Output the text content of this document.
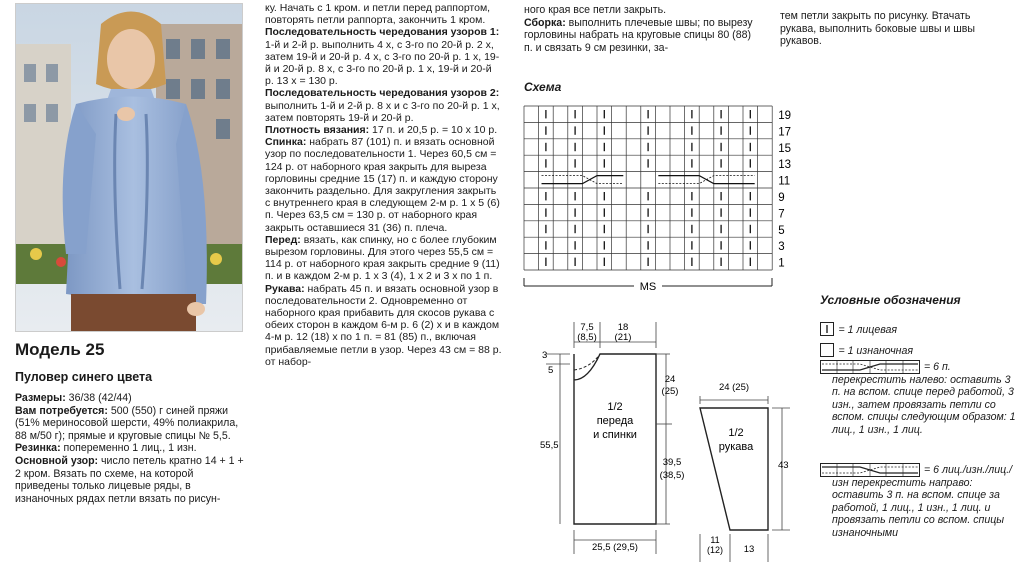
Модель 25
Пуловер синего цвета

Размеры: 36/38 (42/44)

Вам потребуется: 500 (550) г синей пряжи (51% мериносовой шерсти, 49% полиакрила, 88 м/50 г); прямые и круговые спицы № 5,5.

Резинка: попеременно 1 лиц., 1 изн.

Основной узор: число петель кратно 14 + 1 + 2 кром. Вязать по схеме, на которой приведены только лицевые ряды, в изнаночных рядах петли вязать по рисун-

ку. Начать с 1 кром. и петли перед раппортом, повторять петли раппорта, закончить 1 кром.

Последовательность чередования узоров 1: 1-й и 2-й р. выполнить 4 х, с 3-го по 20-й р. 2 х, затем 19-й и 20-й р. 4 х, с 3-го по 20-й р. 1 х, 19-й и 20-й р. 8 х, с 3-го по 20-й р. 1 х, 19-й и 20-й р. 13 х = 130 р.

Последовательность чередования узоров 2: выполнить 1-й и 2-й р. 8 х и с 3-го по 20-й р. 1 х, затем повторять 19-й и 20-й р.

Плотность вязания: 17 п. и 20,5 р. = 10 х 10 р.

Спинка: набрать 87 (101) п. и вязать основной узор по последовательности 1. Через 60,5 см = 124 р. от наборного края закрыть для выреза горловины средние 15 (17) п. и каждую сторону закончить раздельно. Для закругления закрыть с внутреннего края в следующем 2-м р. 1 х 5 (6) п. Через 63,5 см = 130 р. от наборного края закрыть оставшиеся 31 (36) п. плеча.

Перед: вязать, как спинку, но с более глубоким вырезом горловины. Для этого через 55,5 см = 114 р. от наборного края закрыть средние 9 (11) п. и в каждом 2-м р. 1 х 3 (4), 1 х 2 и 3 х по 1 п.

Рукава: набрать 45 п. и вязать основной узор в последовательности 2. Одновременно от наборного края прибавить для скосов рукава с обеих сторон в каждом 6-м р. 6 (2) х и в каждом 4-м р. 12 (18) х по 1 п. = 81 (85) п., включая прибавляемые петли в узор. Через 43 см = 88 р. от набор-

ного края все петли закрыть.

Сборка: выполнить плечевые швы; по вырезу горловины набрать на круговые спицы 80 (88) п. и связать 9 см резинки, за-

тем петли закрыть по рисунку. Втачать рукава, выполнить боковые швы и швы рукавов.

Схема
19
17
15
13
11
9
7
5
3
1
MS
7,5
(8,5)
18
(21)
3
5
55,5
24
(25)
39,5
(38,5)
1/2
переда
и спинки
25,5 (29,5)
24 (25)
43
1/2
рукава
11
(12) 13
Условные обозначения
= 1 лицевая
= 1 изнаночная
= 6 п. перекрестить налево: оставить 3 п. на вспом. спице перед работой, 3 изн., затем провязать петли со вспом. спицы следующим образом: 1 лиц., 1 изн., 1 лиц.
= 6 лиц./изн./лиц./изн перекрестить направо: оставить 3 п. на вспом. спице за работой, 1 лиц., 1 изн., 1 лиц. и провязать петли со вспом. спицы изнаночными
